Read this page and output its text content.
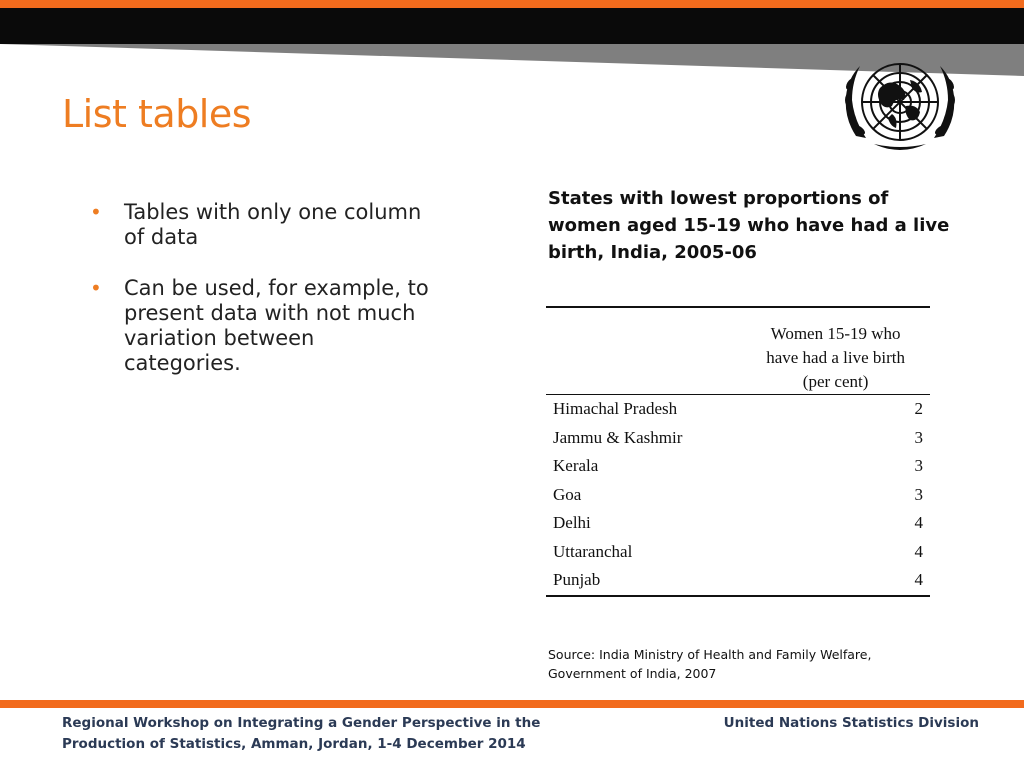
List tables
• Tables with only one column of data
• Can be used, for example, to present data with not much variation between categories.

States with lowest proportions of women aged 15-19 who have had a live birth, India, 2005-06

	Women 15-19 who
have had a live birth
(per cent)
Himachal Pradesh	2
Jammu & Kashmir	3
Kerala	3
Goa	3
Delhi	4
Uttaranchal	4
Punjab	4

Source: India Ministry of Health and Family Welfare, Government of India, 2007

Regional Workshop on Integrating a Gender Perspective in the Production of Statistics, Amman, Jordan, 1-4 December 2014

United Nations Statistics Division
